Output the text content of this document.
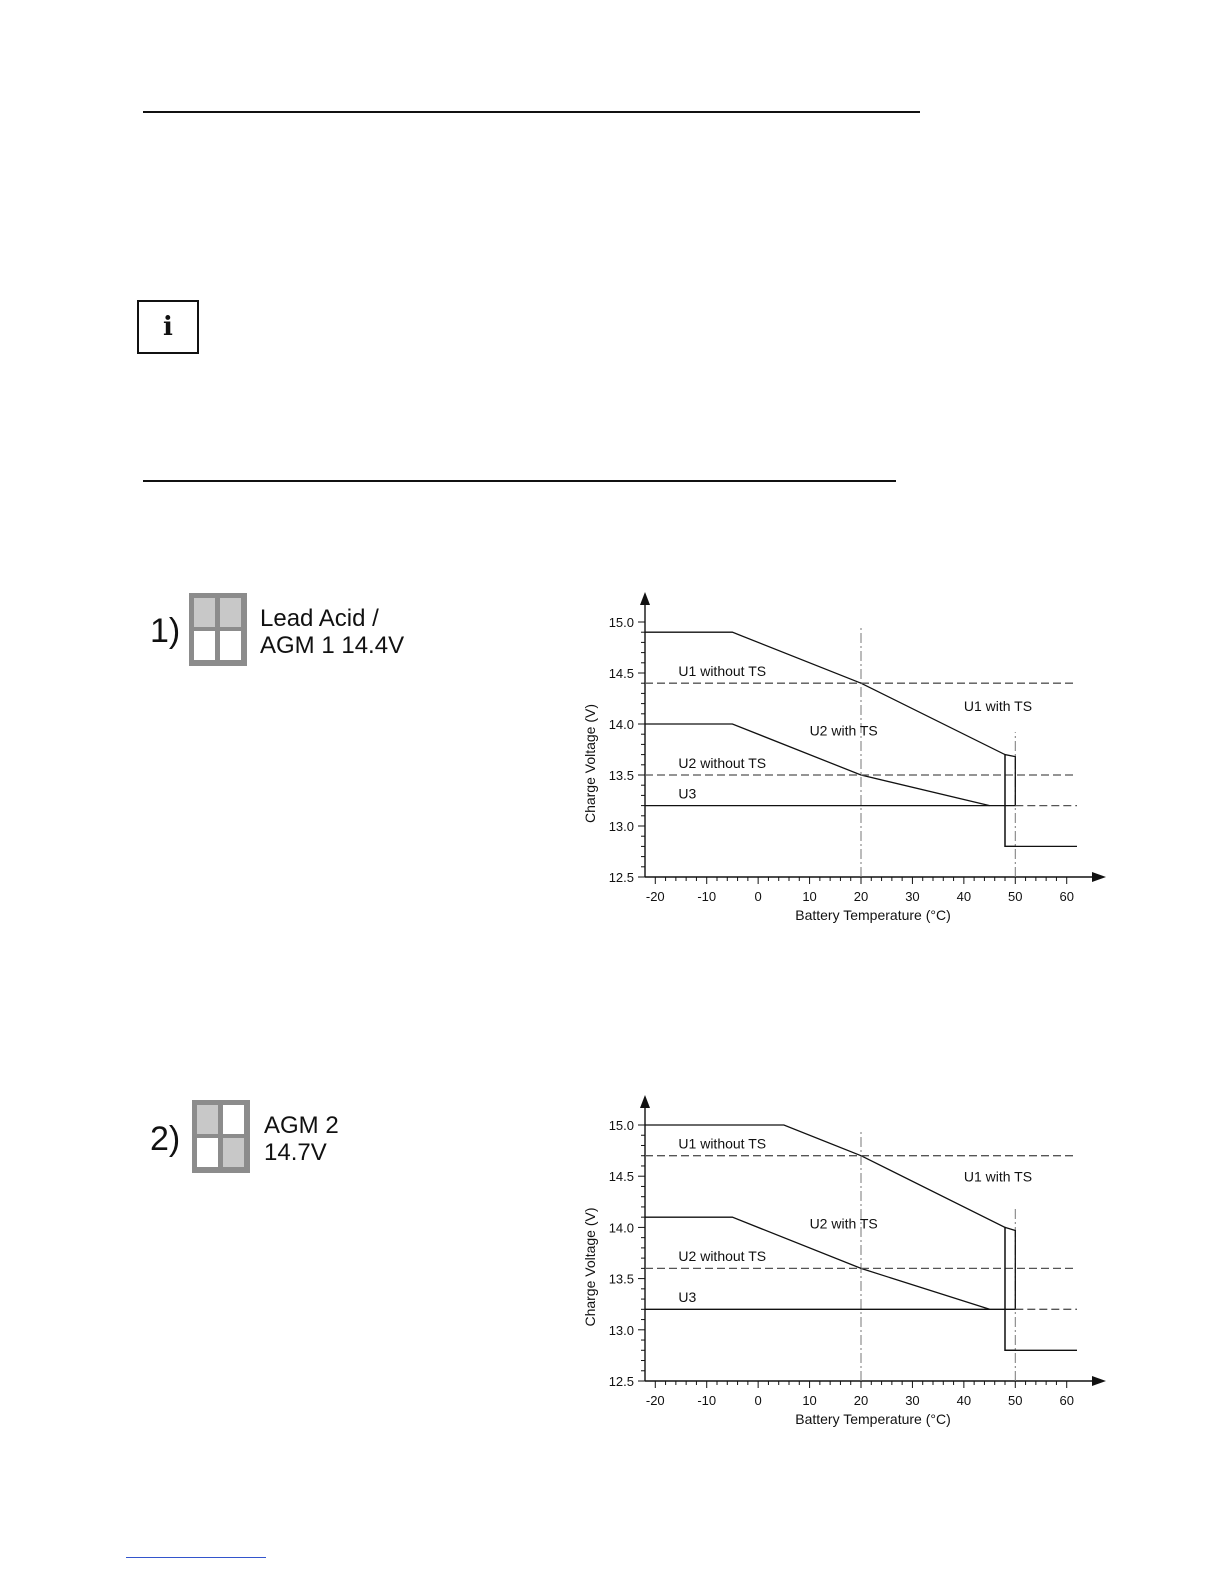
i
1)	Lead Acid /
AGM 1 14.4V
2)	AGM 2
14.7V
-20	-10	0	10	20	30	40	50	60
12.5
13.0
13.5
14.0
14.5
15.0
Battery Temperature (°C)
Charge Voltage (V)
U1 without TS
U1 with TS
U2 with TS
U2 without TS
U3
-20	-10	0	10	20	30	40	50	60
12.5
13.0
13.5
14.0
14.5
15.0
Battery Temperature (°C)
Charge Voltage (V)
U1 without TS
U1 with TS
U2 with TS
U2 without TS
U3
